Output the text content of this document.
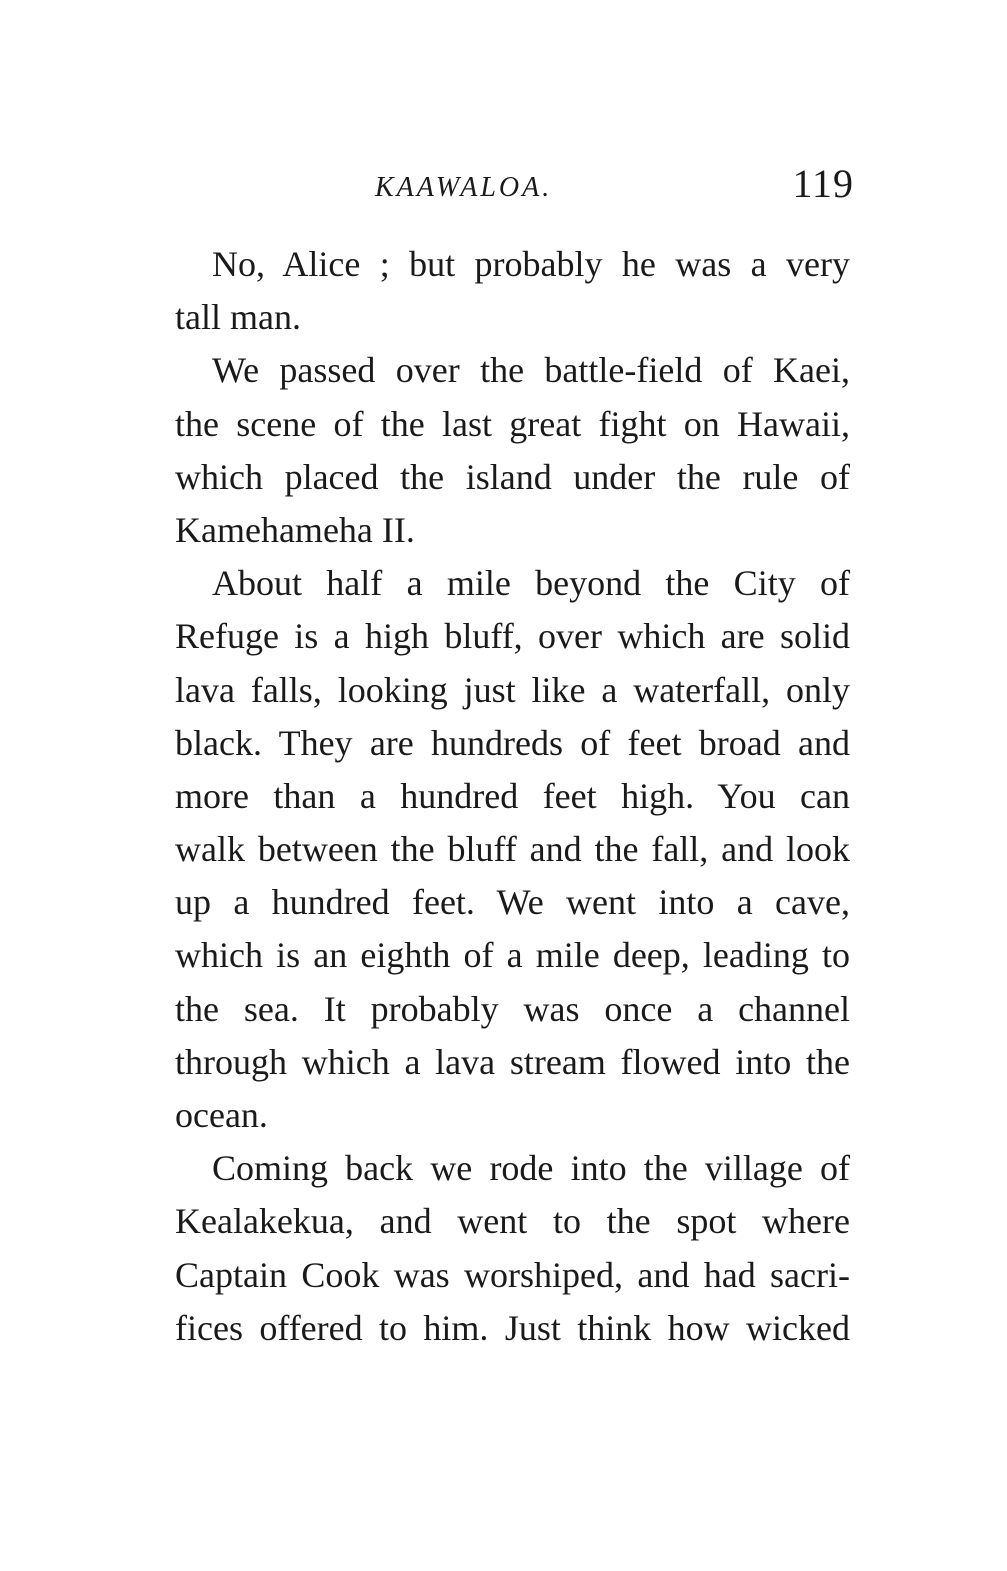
KAAWALOA.	119
No, Alice ; but probably he was a very
tall man.
We passed over the battle-field of Kaei,
the scene of the last great fight on Hawaii,
which placed the island under the rule of
Kamehameha II.
About half a mile beyond the City of
Refuge is a high bluff, over which are solid
lava falls, looking just like a waterfall, only
black. They are hundreds of feet broad and
more than a hundred feet high. You can
walk between the bluff and the fall, and look
up a hundred feet. We went into a cave,
which is an eighth of a mile deep, leading to
the sea. It probably was once a channel
through which a lava stream flowed into the
ocean.
Coming back we rode into the village of
Kealakekua, and went to the spot where
Captain Cook was worshiped, and had sacri-
fices offered to him. Just think how wicked
